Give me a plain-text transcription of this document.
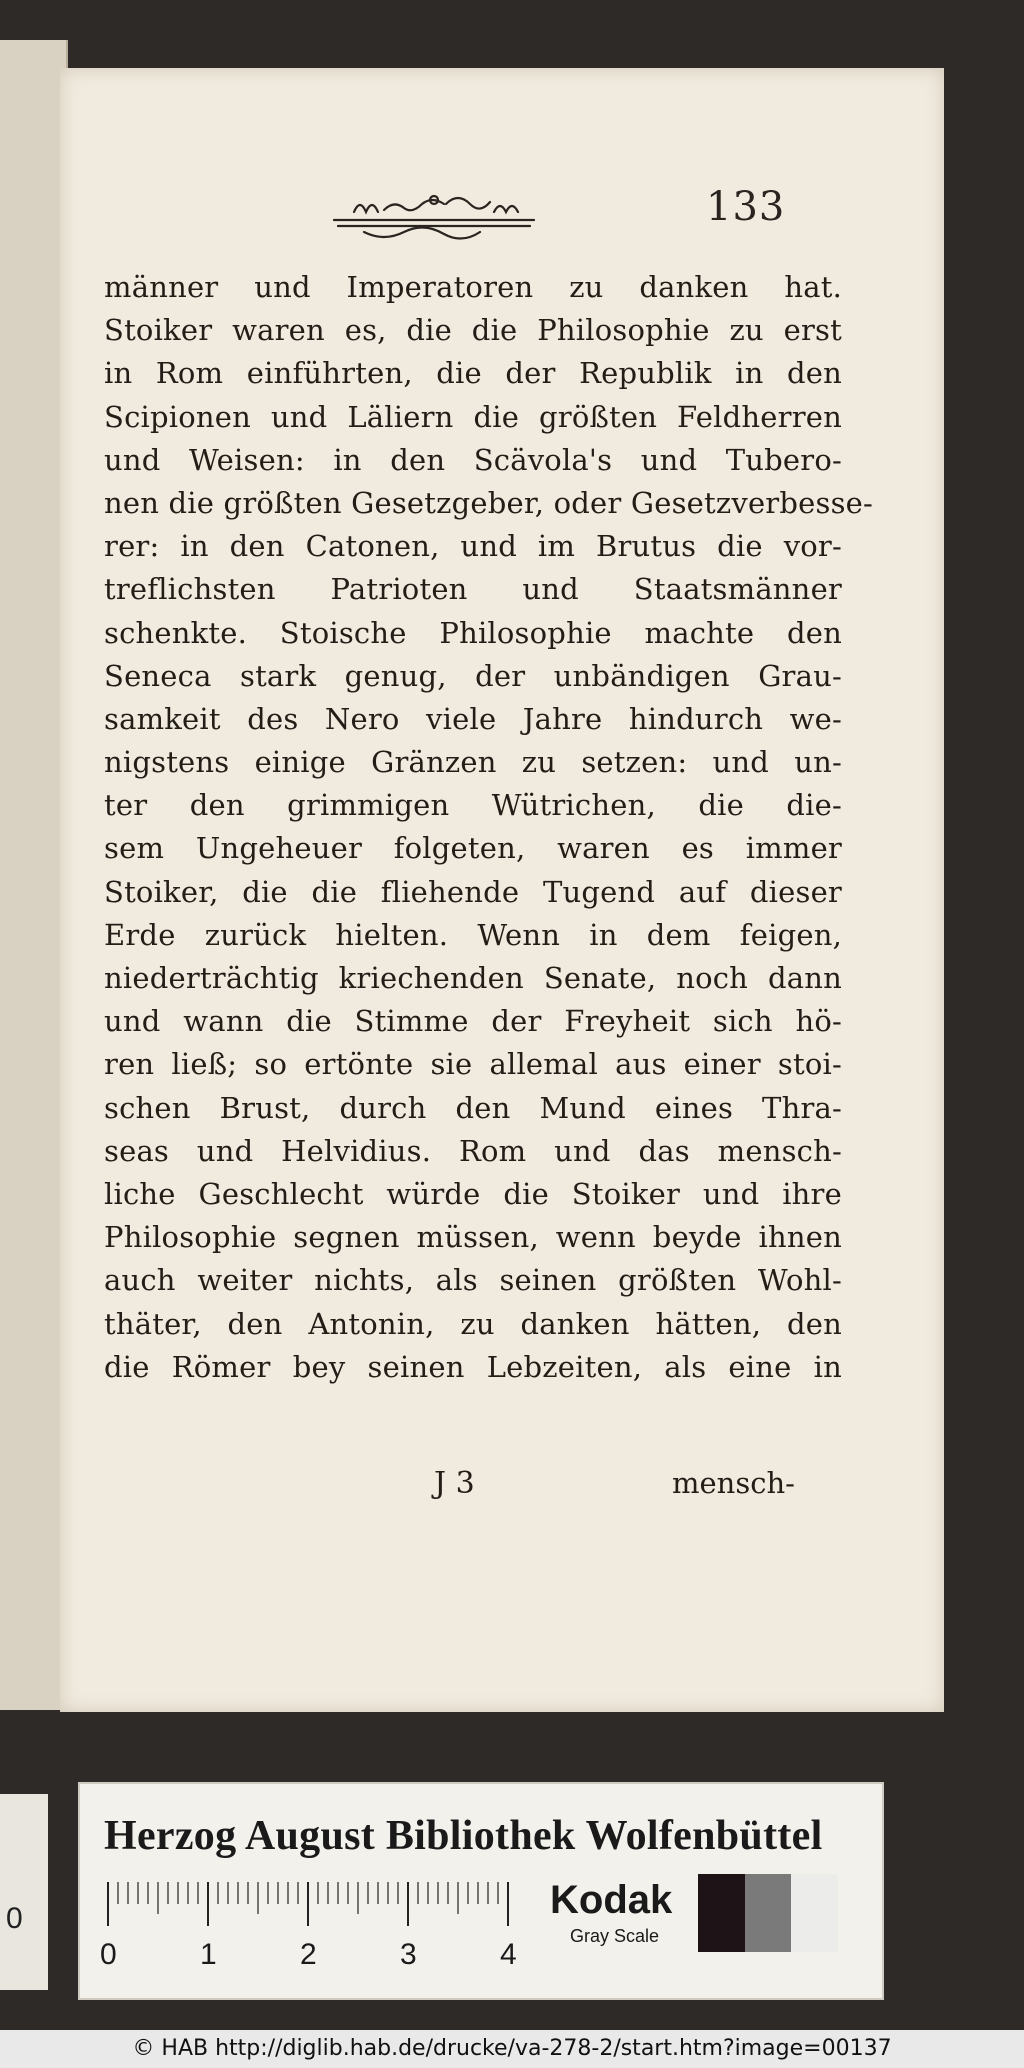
133
männer und Imperatoren zu danken hat.
Stoiker waren es, die die Philosophie zu erst
in Rom einführten, die der Republik in den
Scipionen und Läliern die größten Feldherren
und Weisen: in den Scävola's und Tubero-
nen die größten Gesetzgeber, oder Gesetzverbesse-
rer: in den Catonen, und im Brutus die vor-
treflichsten Patrioten und Staatsmänner
schenkte. Stoische Philosophie machte den
Seneca stark genug, der unbändigen Grau-
samkeit des Nero viele Jahre hindurch we-
nigstens einige Gränzen zu setzen: und un-
ter den grimmigen Wütrichen, die die-
sem Ungeheuer folgeten, waren es immer
Stoiker, die die fliehende Tugend auf dieser
Erde zurück hielten. Wenn in dem feigen,
niederträchtig kriechenden Senate, noch dann
und wann die Stimme der Freyheit sich hö-
ren ließ; so ertönte sie allemal aus einer stoi-
schen Brust, durch den Mund eines Thra-
seas und Helvidius. Rom und das mensch-
liche Geschlecht würde die Stoiker und ihre
Philosophie segnen müssen, wenn beyde ihnen
auch weiter nichts, als seinen größten Wohl-
thäter, den Antonin, zu danken hätten, den
die Römer bey seinen Lebzeiten, als eine in
J 3	mensch-
0
Herzog August Bibliothek Wolfenbüttel
0	1	2	3	4
Kodak
Gray Scale
© HAB http://diglib.hab.de/drucke/va-278-2/start.htm?image=00137
